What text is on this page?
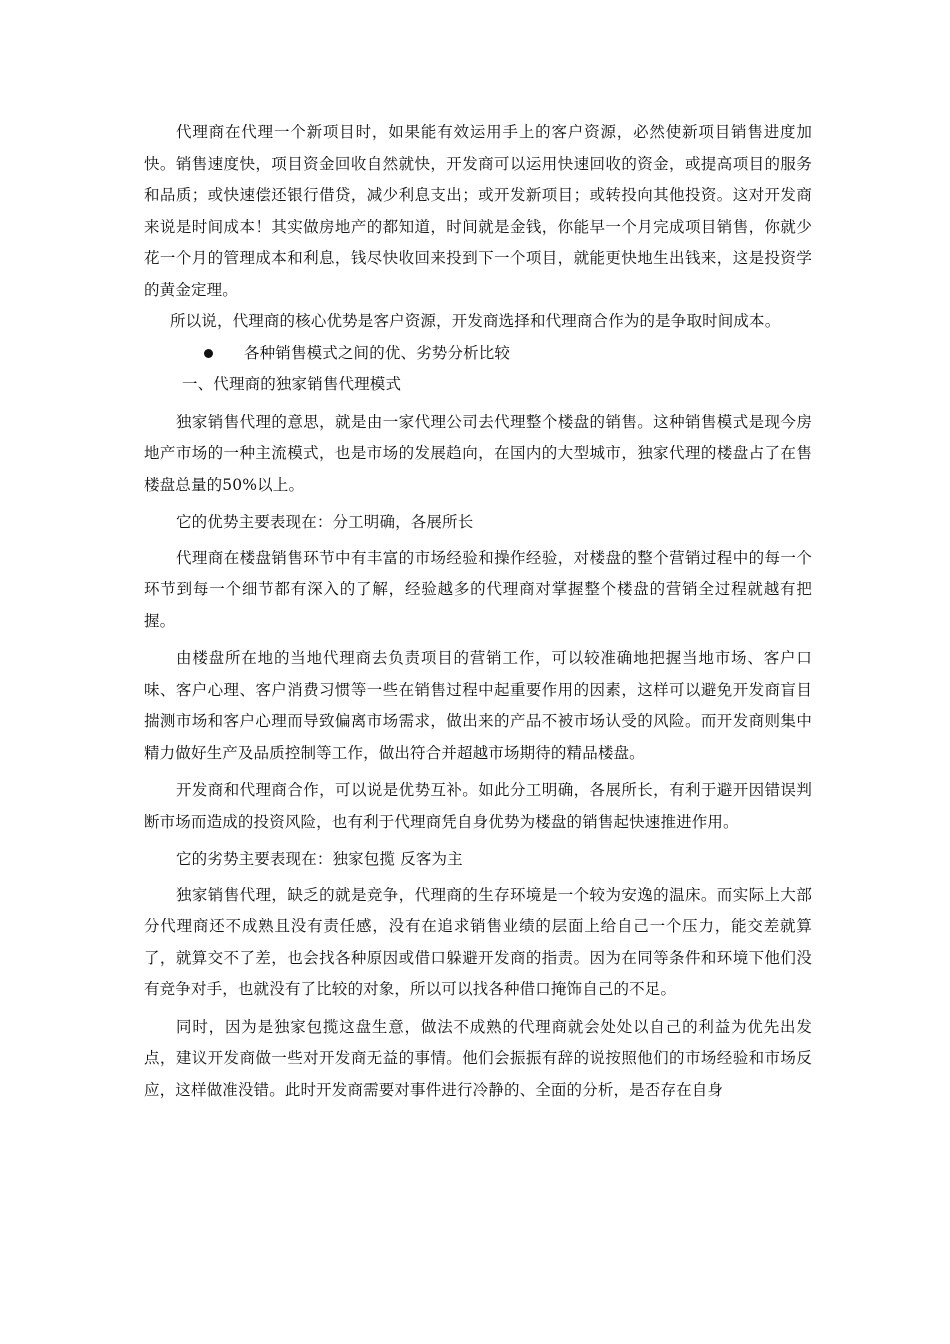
代理商在代理一个新项目时，如果能有效运用手上的客户资源，必然使新项目销售进度加快。销售速度快，项目资金回收自然就快，开发商可以运用快速回收的资金，或提高项目的服务和品质；或快速偿还银行借贷，减少利息支出；或开发新项目；或转投向其他投资。这对开发商来说是时间成本！其实做房地产的都知道，时间就是金钱，你能早一个月完成项目销售，你就少花一个月的管理成本和利息，钱尽快收回来投到下一个项目，就能更快地生出钱来，这是投资学的黄金定理。

所以说，代理商的核心优势是客户资源，开发商选择和代理商合作为的是争取时间成本。

各种销售模式之间的优、劣势分析比较

一、代理商的独家销售代理模式

独家销售代理的意思，就是由一家代理公司去代理整个楼盘的销售。这种销售模式是现今房地产市场的一种主流模式，也是市场的发展趋向，在国内的大型城市，独家代理的楼盘占了在售楼盘总量的50%以上。

它的优势主要表现在：分工明确，各展所长

代理商在楼盘销售环节中有丰富的市场经验和操作经验，对楼盘的整个营销过程中的每一个环节到每一个细节都有深入的了解，经验越多的代理商对掌握整个楼盘的营销全过程就越有把握。

由楼盘所在地的当地代理商去负责项目的营销工作，可以较准确地把握当地市场、客户口味、客户心理、客户消费习惯等一些在销售过程中起重要作用的因素，这样可以避免开发商盲目揣测市场和客户心理而导致偏离市场需求，做出来的产品不被市场认受的风险。而开发商则集中精力做好生产及品质控制等工作，做出符合并超越市场期待的精品楼盘。

开发商和代理商合作，可以说是优势互补。如此分工明确，各展所长，有利于避开因错误判断市场而造成的投资风险，也有利于代理商凭自身优势为楼盘的销售起快速推进作用。

它的劣势主要表现在：独家包揽 反客为主

独家销售代理，缺乏的就是竞争，代理商的生存环境是一个较为安逸的温床。而实际上大部分代理商还不成熟且没有责任感，没有在追求销售业绩的层面上给自己一个压力，能交差就算了，就算交不了差，也会找各种原因或借口躲避开发商的指责。因为在同等条件和环境下他们没有竞争对手，也就没有了比较的对象，所以可以找各种借口掩饰自己的不足。

同时，因为是独家包揽这盘生意，做法不成熟的代理商就会处处以自己的利益为优先出发点，建议开发商做一些对开发商无益的事情。他们会振振有辞的说按照他们的市场经验和市场反应，这样做准没错。此时开发商需要对事件进行冷静的、全面的分析，是否存在自身
